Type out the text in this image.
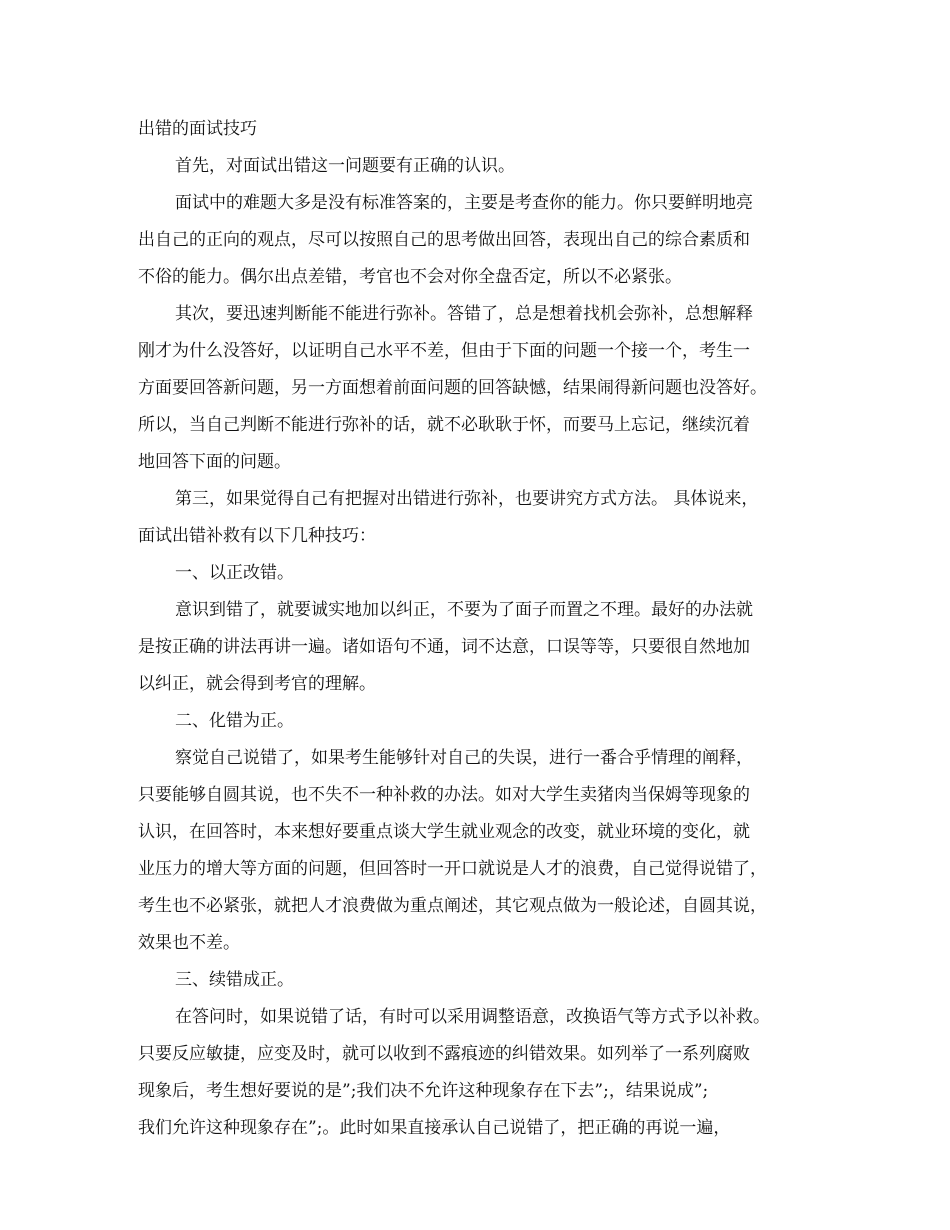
出错的面试技巧
首先，对面试出错这一问题要有正确的认识。
面试中的难题大多是没有标准答案的，主要是考查你的能力。你只要鲜明地亮
出自己的正向的观点，尽可以按照自己的思考做出回答，表现出自己的综合素质和
不俗的能力。偶尔出点差错，考官也不会对你全盘否定，所以不必紧张。
其次，要迅速判断能不能进行弥补。答错了，总是想着找机会弥补，总想解释
刚才为什么没答好，以证明自己水平不差，但由于下面的问题一个接一个，考生一
方面要回答新问题，另一方面想着前面问题的回答缺憾，结果闹得新问题也没答好。
所以，当自己判断不能进行弥补的话，就不必耿耿于怀，而要马上忘记，继续沉着
地回答下面的问题。
第三，如果觉得自己有把握对出错进行弥补，也要讲究方式方法。 具体说来，
面试出错补救有以下几种技巧：
一、以正改错。
意识到错了，就要诚实地加以纠正，不要为了面子而置之不理。最好的办法就
是按正确的讲法再讲一遍。诸如语句不通，词不达意，口误等等，只要很自然地加
以纠正，就会得到考官的理解。
二、化错为正。
察觉自己说错了，如果考生能够针对自己的失误，进行一番合乎情理的阐释，
只要能够自圆其说，也不失不一种补救的办法。如对大学生卖猪肉当保姆等现象的
认识，在回答时，本来想好要重点谈大学生就业观念的改变，就业环境的变化，就
业压力的增大等方面的问题，但回答时一开口就说是人才的浪费，自己觉得说错了，
考生也不必紧张，就把人才浪费做为重点阐述，其它观点做为一般论述，自圆其说，
效果也不差。
三、续错成正。
在答问时，如果说错了话，有时可以采用调整语意，改换语气等方式予以补救。
只要反应敏捷，应变及时，就可以收到不露痕迹的纠错效果。如列举了一系列腐败
现象后，考生想好要说的是”;我们决不允许这种现象存在下去”;，结果说成”;
我们允许这种现象存在”;。此时如果直接承认自己说错了，把正确的再说一遍，
